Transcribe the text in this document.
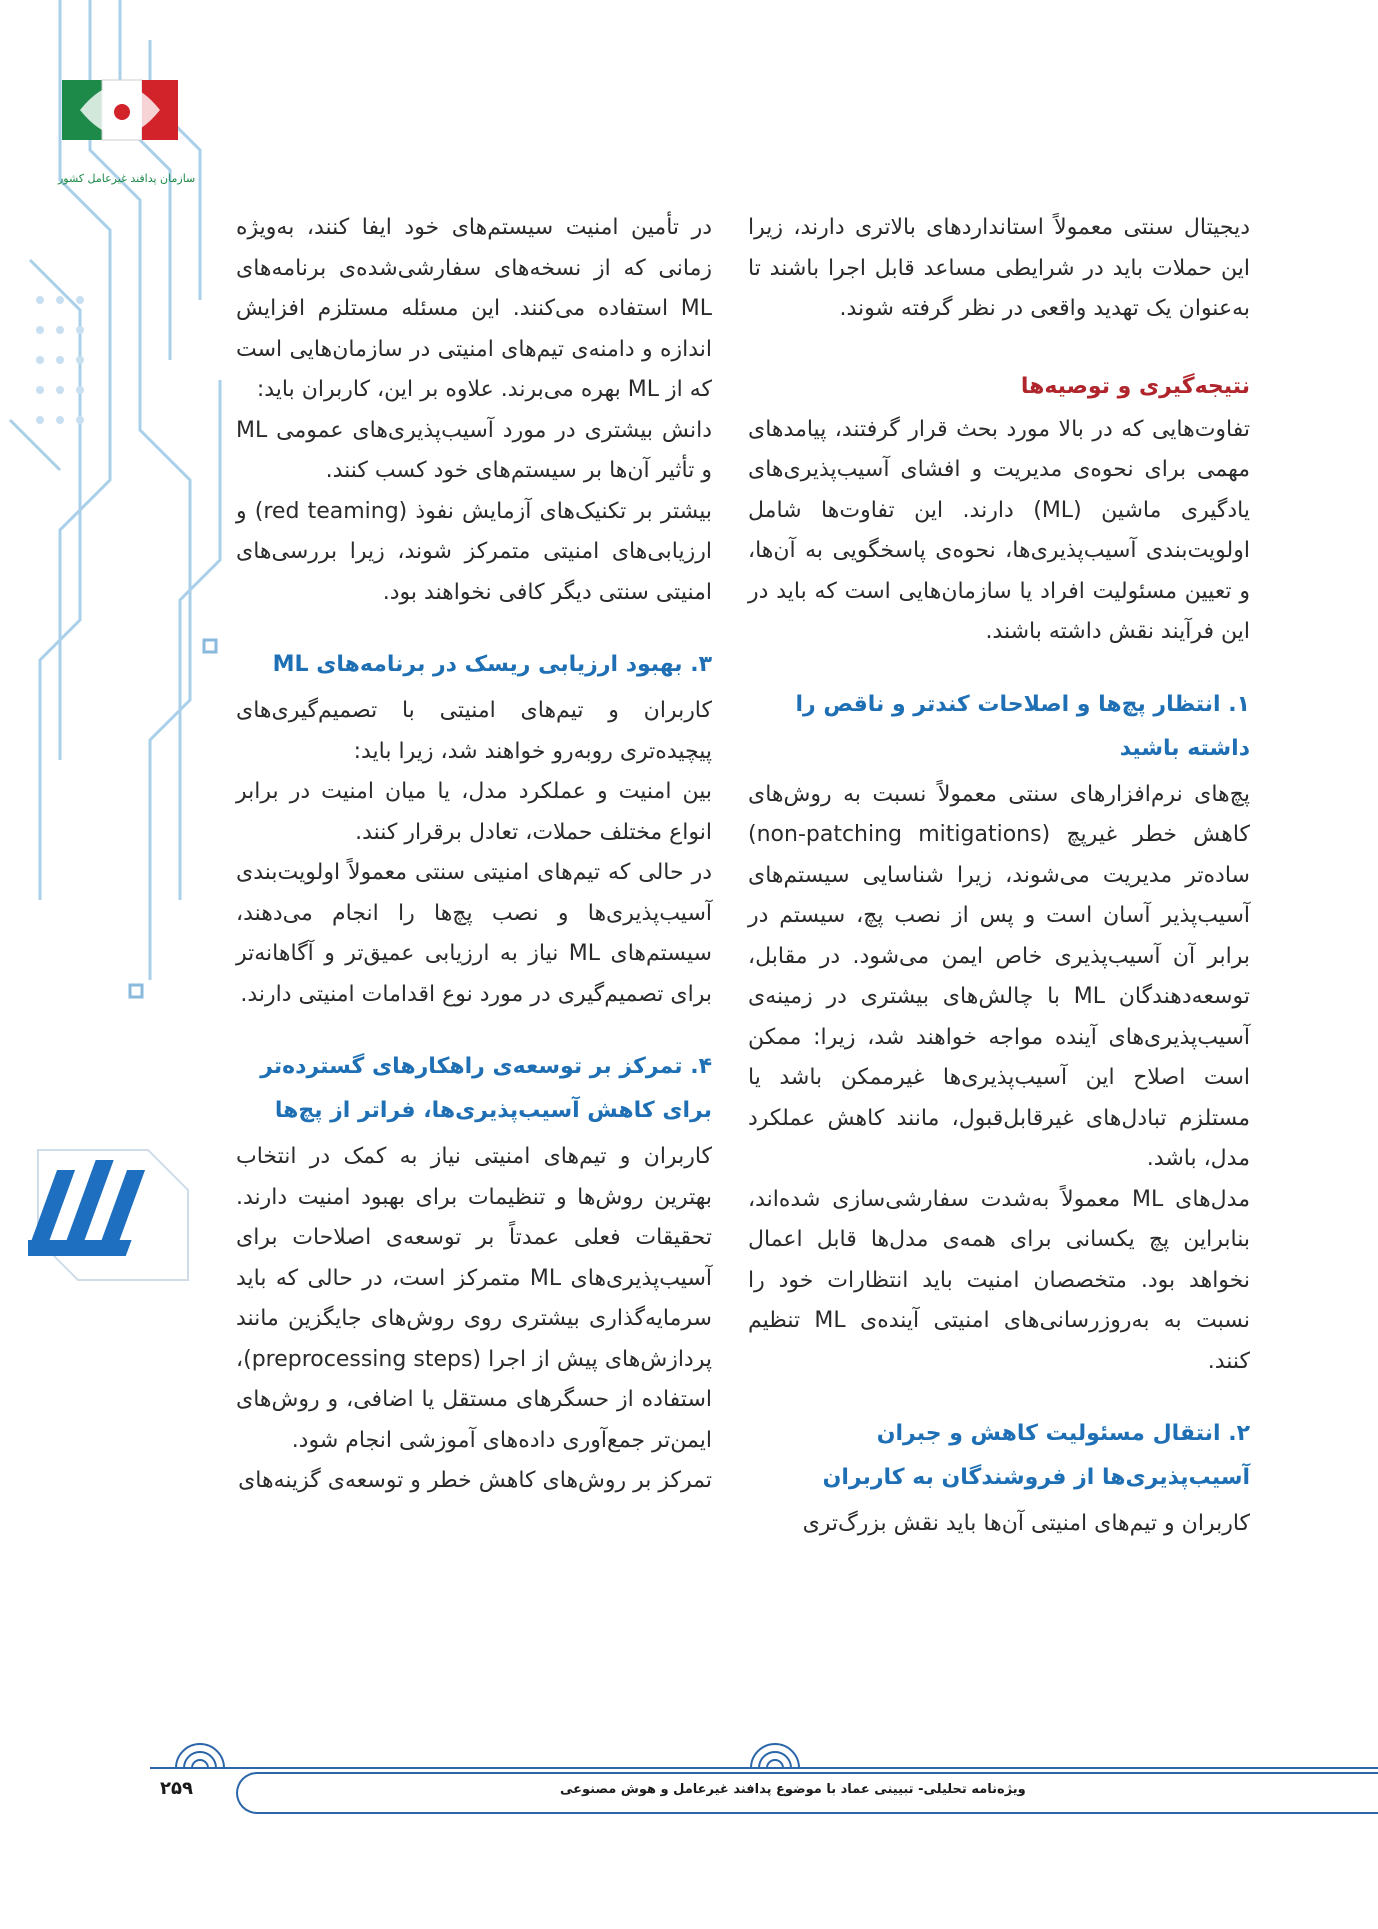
سازمان پدافند غیرعامل کشور

دیجیتال سنتی معمولاً استانداردهای بالاتری دارند، زیرا این حملات باید در شرایطی مساعد قابل اجرا باشند تا به‌عنوان یک تهدید واقعی در نظر گرفته شوند.

نتیجه‌گیری و توصیه‌ها

تفاوت‌هایی که در بالا مورد بحث قرار گرفتند، پیامدهای مهمی برای نحوه‌ی مدیریت و افشای آسیب‌پذیری‌های یادگیری ماشین (ML) دارند. این تفاوت‌ها شامل اولویت‌بندی آسیب‌پذیری‌ها، نحوه‌ی پاسخگویی به آن‌ها، و تعیین مسئولیت افراد یا سازمان‌هایی است که باید در این فرآیند نقش داشته باشند.

۱. انتظار پچ‌ها و اصلاحات کندتر و ناقص را داشته باشید

پچ‌های نرم‌افزارهای سنتی معمولاً نسبت به روش‌های کاهش خطر غیرپچ (non-patching mitigations) ساده‌تر مدیریت می‌شوند، زیرا شناسایی سیستم‌های آسیب‌پذیر آسان است و پس از نصب پچ، سیستم در برابر آن آسیب‌پذیری خاص ایمن می‌شود. در مقابل، توسعه‌دهندگان ML با چالش‌های بیشتری در زمینه‌ی آسیب‌پذیری‌های آینده مواجه خواهند شد، زیرا: ممکن است اصلاح این آسیب‌پذیری‌ها غیرممکن باشد یا مستلزم تبادل‌های غیرقابل‌قبول، مانند کاهش عملکرد مدل، باشد.

مدل‌های ML معمولاً به‌شدت سفارشی‌سازی شده‌اند، بنابراین پچ یکسانی برای همه‌ی مدل‌ها قابل اعمال نخواهد بود. متخصصان امنیت باید انتظارات خود را نسبت به به‌روزرسانی‌های امنیتی آینده‌ی ML تنظیم کنند.

۲. انتقال مسئولیت کاهش و جبران آسیب‌پذیری‌ها از فروشندگان به کاربران

کاربران و تیم‌های امنیتی آن‌ها باید نقش بزرگ‌تری

در تأمین امنیت سیستم‌های خود ایفا کنند، به‌ویژه زمانی که از نسخه‌های سفارشی‌شده‌ی برنامه‌های ML استفاده می‌کنند. این مسئله مستلزم افزایش اندازه و دامنه‌ی تیم‌های امنیتی در سازمان‌هایی است که از ML بهره می‌برند. علاوه بر این، کاربران باید:

دانش بیشتری در مورد آسیب‌پذیری‌های عمومی ML و تأثیر آن‌ها بر سیستم‌های خود کسب کنند.

بیشتر بر تکنیک‌های آزمایش نفوذ (red teaming) و ارزیابی‌های امنیتی متمرکز شوند، زیرا بررسی‌های امنیتی سنتی دیگر کافی نخواهند بود.

۳. بهبود ارزیابی ریسک در برنامه‌های ML

کاربران و تیم‌های امنیتی با تصمیم‌گیری‌های پیچیده‌تری روبه‌رو خواهند شد، زیرا باید:

بین امنیت و عملکرد مدل، یا میان امنیت در برابر انواع مختلف حملات، تعادل برقرار کنند.

در حالی که تیم‌های امنیتی سنتی معمولاً اولویت‌بندی آسیب‌پذیری‌ها و نصب پچ‌ها را انجام می‌دهند، سیستم‌های ML نیاز به ارزیابی عمیق‌تر و آگاهانه‌تر برای تصمیم‌گیری در مورد نوع اقدامات امنیتی دارند.

۴. تمرکز بر توسعه‌ی راهکارهای گسترده‌تر برای کاهش آسیب‌پذیری‌ها، فراتر از پچ‌ها

کاربران و تیم‌های امنیتی نیاز به کمک در انتخاب بهترین روش‌ها و تنظیمات برای بهبود امنیت دارند. تحقیقات فعلی عمدتاً بر توسعه‌ی اصلاحات برای آسیب‌پذیری‌های ML متمرکز است، در حالی که باید سرمایه‌گذاری بیشتری روی روش‌های جایگزین مانند پردازش‌های پیش از اجرا (preprocessing steps)، استفاده از حسگرهای مستقل یا اضافی، و روش‌های ایمن‌تر جمع‌آوری داده‌های آموزشی انجام شود.

تمرکز بر روش‌های کاهش خطر و توسعه‌ی گزینه‌های

ویژه‌نامه تحلیلی- تبیینی عماد با موضوع پدافند غیرعامل و هوش مصنوعی
۲۵۹
